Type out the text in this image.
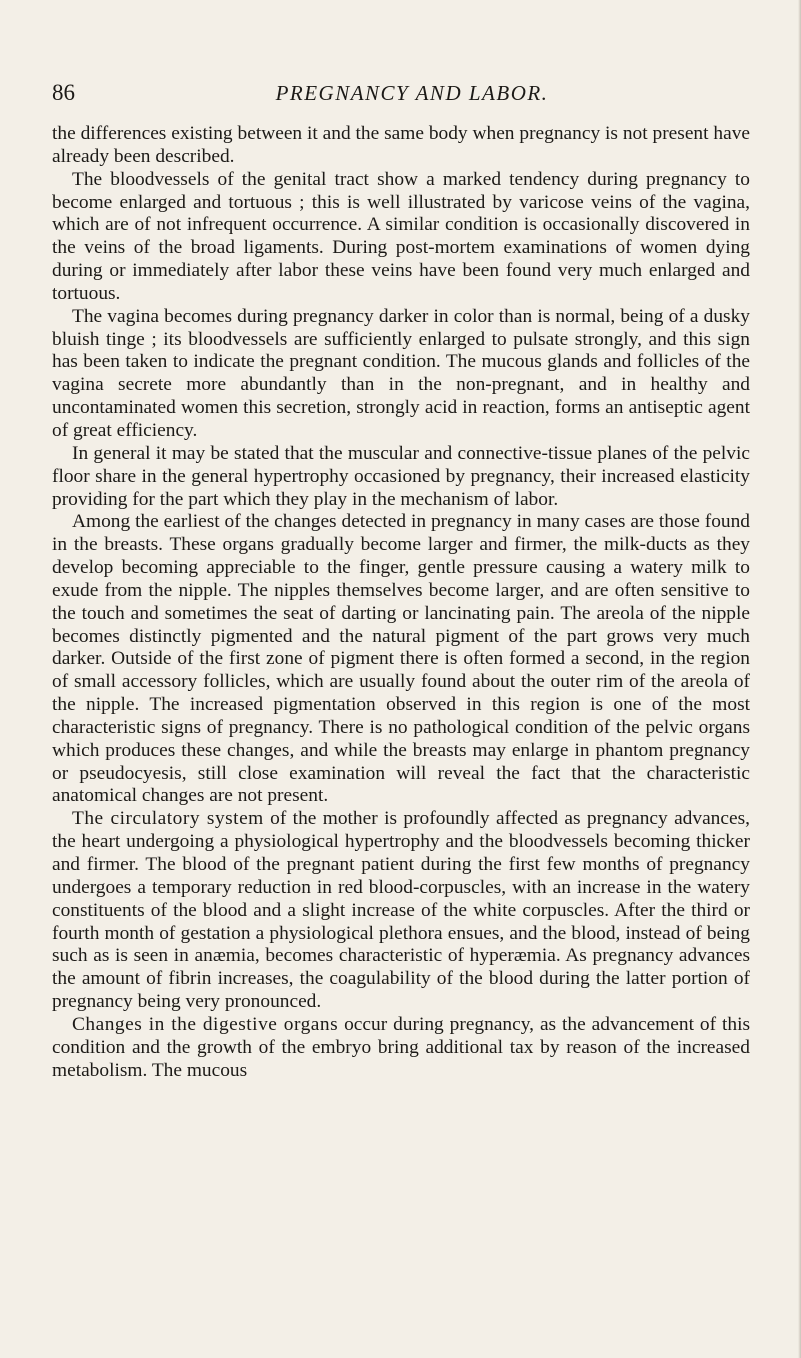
86	PREGNANCY AND LABOR.

the differences existing between it and the same body when pregnancy is not present have already been described.

The bloodvessels of the genital tract show a marked tendency during pregnancy to become enlarged and tortuous ; this is well illustrated by varicose veins of the vagina, which are of not infrequent occurrence. A similar condition is occasionally discovered in the veins of the broad ligaments. During post-mortem examinations of women dying during or immediately after labor these veins have been found very much enlarged and tortuous.

The vagina becomes during pregnancy darker in color than is normal, being of a dusky bluish tinge ; its bloodvessels are sufficiently enlarged to pulsate strongly, and this sign has been taken to indicate the pregnant condition. The mucous glands and follicles of the vagina secrete more abundantly than in the non-pregnant, and in healthy and uncontaminated women this secretion, strongly acid in reaction, forms an antiseptic agent of great efficiency.

In general it may be stated that the muscular and connective-tissue planes of the pelvic floor share in the general hypertrophy occasioned by pregnancy, their increased elasticity providing for the part which they play in the mechanism of labor.

Among the earliest of the changes detected in pregnancy in many cases are those found in the breasts. These organs gradually become larger and firmer, the milk-ducts as they develop becoming appreciable to the finger, gentle pressure causing a watery milk to exude from the nipple. The nipples themselves become larger, and are often sensitive to the touch and sometimes the seat of darting or lancinating pain. The areola of the nipple becomes distinctly pigmented and the natural pigment of the part grows very much darker. Outside of the first zone of pigment there is often formed a second, in the region of small accessory follicles, which are usually found about the outer rim of the areola of the nipple. The increased pigmentation observed in this region is one of the most characteristic signs of pregnancy. There is no pathological condition of the pelvic organs which produces these changes, and while the breasts may enlarge in phantom pregnancy or pseudocyesis, still close examination will reveal the fact that the characteristic anatomical changes are not present.

The circulatory system of the mother is profoundly affected as pregnancy advances, the heart undergoing a physiological hypertrophy and the bloodvessels becoming thicker and firmer. The blood of the pregnant patient during the first few months of pregnancy undergoes a temporary reduction in red blood-corpuscles, with an increase in the watery constituents of the blood and a slight increase of the white corpuscles. After the third or fourth month of gestation a physiological plethora ensues, and the blood, instead of being such as is seen in anæmia, becomes characteristic of hyperæmia. As pregnancy advances the amount of fibrin increases, the coagulability of the blood during the latter portion of pregnancy being very pronounced.

Changes in the digestive organs occur during pregnancy, as the advancement of this condition and the growth of the embryo bring additional tax by reason of the increased metabolism. The mucous
